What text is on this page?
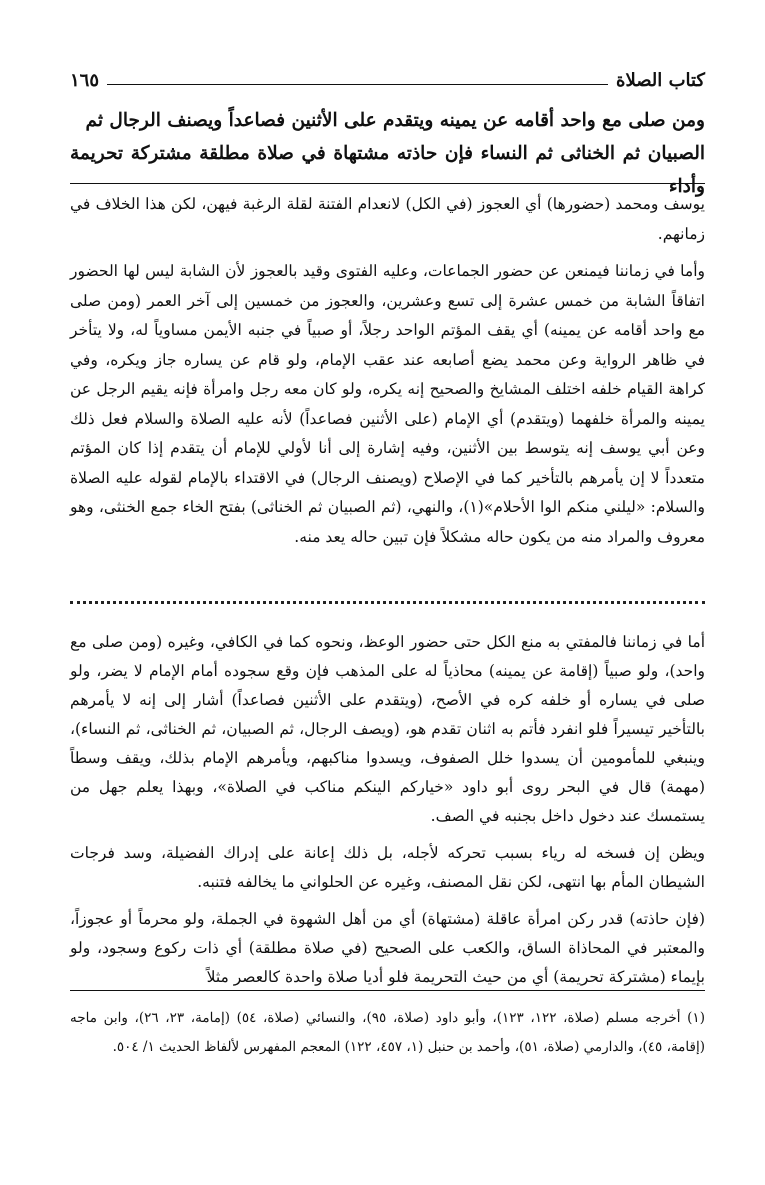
كتاب الصلاة
١٦٥

ومن صلى مع واحد أقامه عن يمينه ويتقدم على الأثنين فصاعداً ويصنف الرجال ثم

الصبيان ثم الخناثى ثم النساء فإن حاذته مشتهاة في صلاة مطلقة مشتركة تحريمة وأداء

يوسف ومحمد (حضورها) أي العجوز (في الكل) لانعدام الفتنة لقلة الرغبة فيهن، لكن هذا الخلاف في زمانهم.

وأما في زماننا فيمنعن عن حضور الجماعات، وعليه الفتوى وقيد بالعجوز لأن الشابة ليس لها الحضور اتفاقاً الشابة من خمس عشرة إلى تسع وعشرين، والعجوز من خمسين إلى آخر العمر (ومن صلى مع واحد أقامه عن يمينه) أي يقف المؤتم الواحد رجلاً، أو صبياً في جنبه الأيمن مساوياً له، ولا يتأخر في ظاهر الرواية وعن محمد يضع أصابعه عند عقب الإمام، ولو قام عن يساره جاز ويكره، وفي كراهة القيام خلفه اختلف المشايخ والصحيح إنه يكره، ولو كان معه رجل وامرأة فإنه يقيم الرجل عن يمينه والمرأة خلفهما (ويتقدم) أي الإمام (على الأثنين فصاعداً) لأنه عليه الصلاة والسلام فعل ذلك وعن أبي يوسف إنه يتوسط بين الأثنين، وفيه إشارة إلى أنا لأولي للإمام أن يتقدم إذا كان المؤتم متعدداً لا إن يأمرهم بالتأخير كما في الإصلاح (ويصنف الرجال) في الاقتداء بالإمام لقوله عليه الصلاة والسلام: «ليلني منكم الوا الأحلام»(١)، والنهي، (ثم الصبيان ثم الخناثى) بفتح الخاء جمع الخنثى، وهو معروف والمراد منه من يكون حاله مشكلاً فإن تبين حاله يعد منه.

أما في زماننا فالمفتي به منع الكل حتى حضور الوعظ، ونحوه كما في الكافي، وغيره (ومن صلى مع واحد)، ولو صبياً (إقامة عن يمينه) محاذياً له على المذهب فإن وقع سجوده أمام الإمام لا يضر، ولو صلى في يساره أو خلفه كره في الأصح، (ويتقدم على الأثنين فصاعداً) أشار إلى إنه لا يأمرهم بالتأخير تيسيراً فلو انفرد فأتم به اثنان تقدم هو، (ويصف الرجال، ثم الصبيان، ثم الخناثى، ثم النساء)، وينبغي للمأمومين أن يسدوا خلل الصفوف، ويسدوا مناكبهم، ويأمرهم الإمام بذلك، ويقف وسطاً (مهمة) قال في البحر روى أبو داود «خياركم الينكم مناكب في الصلاة»، وبهذا يعلم جهل من يستمسك عند دخول داخل بجنبه في الصف.

ويظن إن فسخه له رياء بسبب تحركه لأجله، بل ذلك إعانة على إدراك الفضيلة، وسد فرجات الشيطان المأم بها انتهى، لكن نقل المصنف، وغيره عن الحلواني ما يخالفه فتنبه.

(فإن حاذته) قدر ركن امرأة عاقلة (مشتهاة) أي من أهل الشهوة في الجملة، ولو محرماً أو عجوزاً، والمعتبر في المحاذاة الساق، والكعب على الصحيح (في صلاة مطلقة) أي ذات ركوع وسجود، ولو بإيماء (مشتركة تحريمة) أي من حيث التحريمة فلو أديا صلاة واحدة كالعصر مثلاً

(١) أخرجه مسلم (صلاة، ١٢٢، ١٢٣)، وأبو داود (صلاة، ٩٥)، والنسائي (صلاة، ٥٤) (إمامة، ٢٣، ٢٦)، وابن ماجه (إقامة، ٤٥)، والدارمي (صلاة، ٥١)، وأحمد بن حنبل (١، ٤٥٧، ١٢٢) المعجم المفهرس لألفاظ الحديث ١/ ٥٠٤.
